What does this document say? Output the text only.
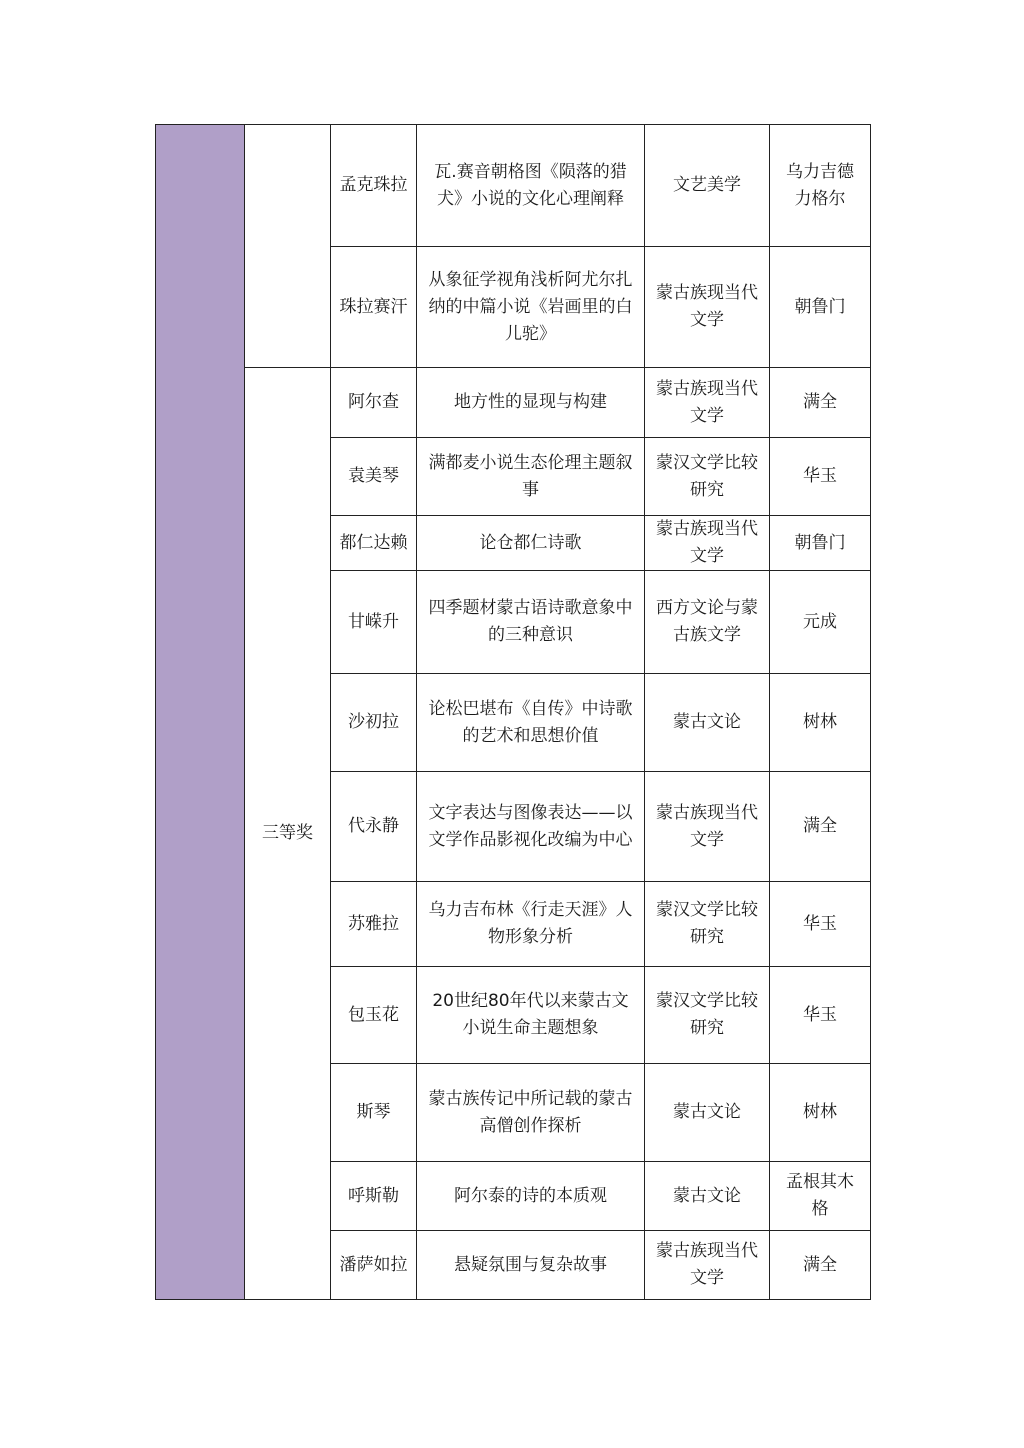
		孟克珠拉	瓦.赛音朝格图《陨落的猎犬》小说的文化心理阐释	文艺美学	乌力吉德力格尔
		珠拉赛汗	从象征学视角浅析阿尤尔扎纳的中篇小说《岩画里的白儿驼》	蒙古族现当代文学	朝鲁门
	三等奖	阿尔查	地方性的显现与构建	蒙古族现当代文学	满全
		袁美琴	满都麦小说生态伦理主题叙事	蒙汉文学比较研究	华玉
		都仁达赖	论仓都仁诗歌	蒙古族现当代文学	朝鲁门
		甘嵘升	四季题材蒙古语诗歌意象中的三种意识	西方文论与蒙古族文学	元成
		沙初拉	论松巴堪布《自传》中诗歌的艺术和思想价值	蒙古文论	树林
		代永静	文字表达与图像表达——以文学作品影视化改编为中心	蒙古族现当代文学	满全
		苏雅拉	乌力吉布林《行走天涯》人物形象分析	蒙汉文学比较研究	华玉
		包玉花	20世纪80年代以来蒙古文小说生命主题想象	蒙汉文学比较研究	华玉
		斯琴	蒙古族传记中所记载的蒙古高僧创作探析	蒙古文论	树林
		呼斯勒	阿尔泰的诗的本质观	蒙古文论	孟根其木格
		潘萨如拉	悬疑氛围与复杂故事	蒙古族现当代文学	满全
